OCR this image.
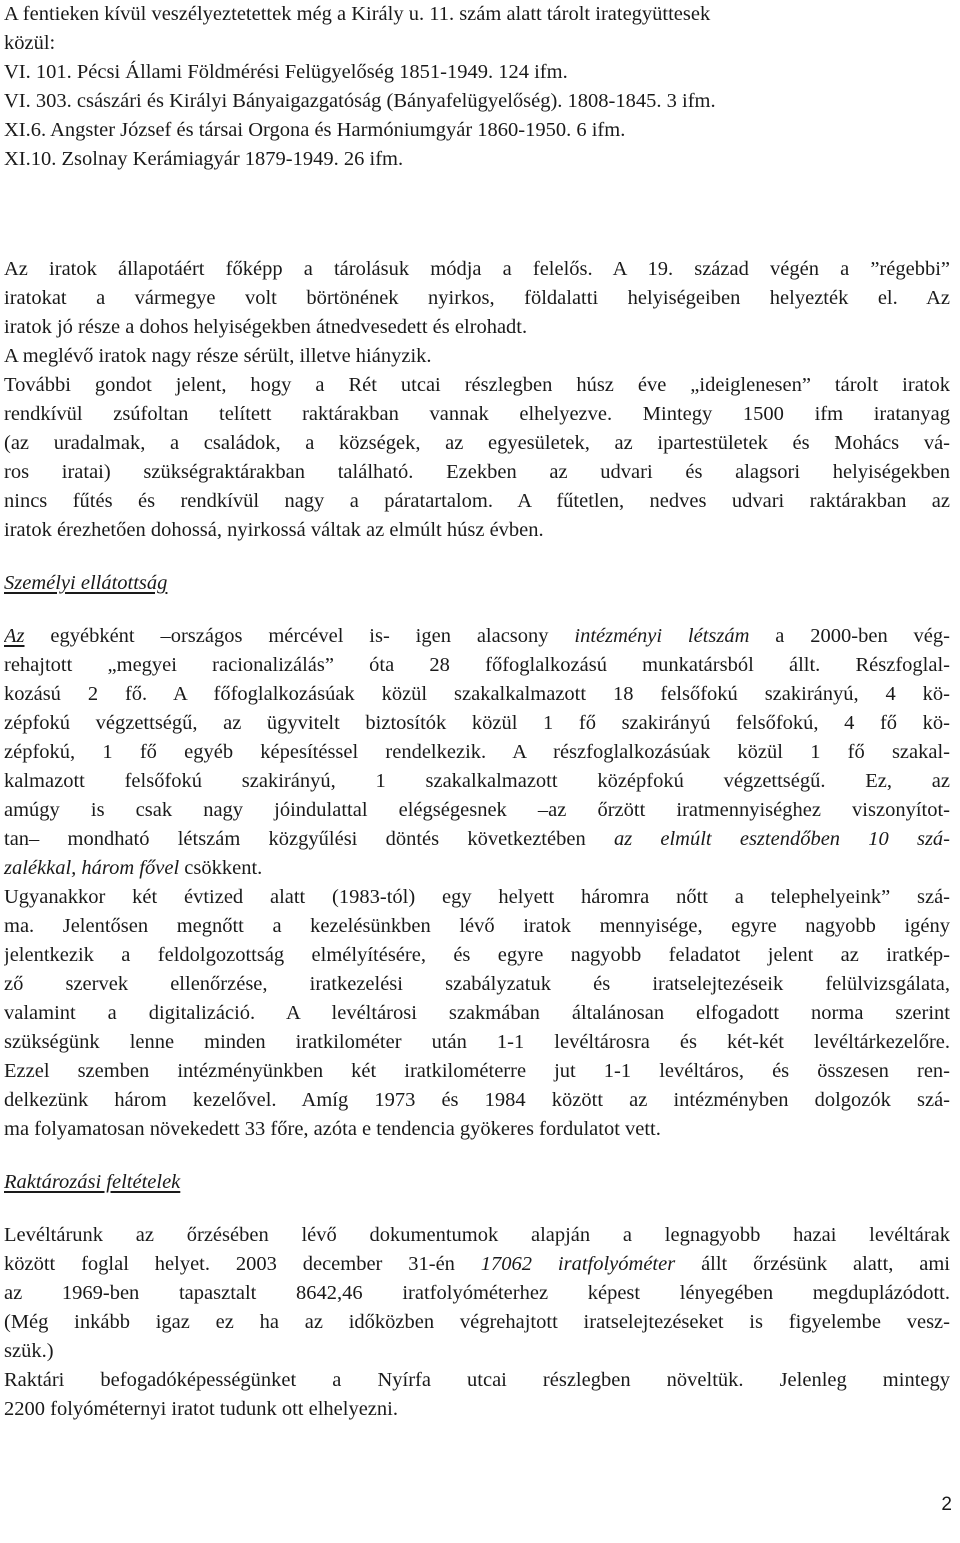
A fentieken kívül veszélyeztetettek még a Király u. 11. szám alatt tárolt irategyüttesek
közül:
VI. 101. Pécsi Állami Földmérési Felügyelőség 1851-1949. 124 ifm.
VI. 303. császári és Királyi Bányaigazgatóság (Bányafelügyelőség). 1808-1845. 3 ifm.
XI.6. Angster József és társai Orgona és Harmóniumgyár 1860-1950. 6 ifm.
XI.10. Zsolnay Kerámiagyár 1879-1949. 26 ifm.
Az iratok állapotáért főképp a tárolásuk módja a felelős. A 19. század végén a ”régebbi”
iratokat a vármegye volt börtönének nyirkos, földalatti helyiségeiben helyezték el. Az
iratok jó része a dohos helyiségekben átnedvesedett és elrohadt.
A meglévő iratok nagy része sérült, illetve hiányzik.
További gondot jelent, hogy a Rét utcai részlegben húsz éve „ideiglenesen” tárolt iratok
rendkívül zsúfoltan telített raktárakban vannak elhelyezve. Mintegy 1500 ifm iratanyag
(az uradalmak, a családok, a községek, az egyesületek, az ipartestületek és Mohács vá-
ros iratai) szükségraktárakban található. Ezekben az udvari és alagsori helyiségekben
nincs fűtés és rendkívül nagy a páratartalom. A fűtetlen, nedves udvari raktárakban az
iratok érezhetően dohossá, nyirkossá váltak az elmúlt húsz évben.
Személyi ellátottság
Az egyébként –országos mércével is- igen alacsony intézményi létszám a 2000-ben vég-
rehajtott „megyei racionalizálás” óta 28 főfoglalkozású munkatársból állt. Részfoglal-
kozású 2 fő. A főfoglalkozásúak közül szakalkalmazott 18 felsőfokú szakirányú, 4 kö-
zépfokú végzettségű, az ügyvitelt biztosítók közül 1 fő szakirányú felsőfokú, 4 fő kö-
zépfokú, 1 fő egyéb képesítéssel rendelkezik. A részfoglalkozásúak közül 1 fő szakal-
kalmazott felsőfokú szakirányú, 1 szakalkalmazott középfokú végzettségű. Ez, az
amúgy is csak nagy jóindulattal elégségesnek –az őrzött iratmennyiséghez viszonyítot-
tan– mondható létszám közgyűlési döntés következtében az elmúlt esztendőben 10 szá-
zalékkal, három fővel csökkent.
Ugyanakkor két évtized alatt (1983-tól) egy helyett háromra nőtt a telephelyeink” szá-
ma. Jelentősen megnőtt a kezelésünkben lévő iratok mennyisége, egyre nagyobb igény
jelentkezik a feldolgozottság elmélyítésére, és egyre nagyobb feladatot jelent az iratkép-
ző szervek ellenőrzése, iratkezelési szabályzatuk és iratselejtezéseik felülvizsgálata,
valamint a digitalizáció. A levéltárosi szakmában általánosan elfogadott norma szerint
szükségünk lenne minden iratkilométer után 1-1 levéltárosra és két-két levéltárkezelőre.
Ezzel szemben intézményünkben két iratkilométerre jut 1-1 levéltáros, és összesen ren-
delkezünk három kezelővel. Amíg 1973 és 1984 között az intézményben dolgozók szá-
ma folyamatosan növekedett 33 főre, azóta e tendencia gyökeres fordulatot vett.
Raktározási feltételek
Levéltárunk az őrzésében lévő dokumentumok alapján a legnagyobb hazai levéltárak
között foglal helyet. 2003 december 31-én 17062 iratfolyóméter állt őrzésünk alatt, ami
az 1969-ben tapasztalt 8642,46 iratfolyóméterhez képest lényegében megduplázódott.
(Még inkább igaz ez ha az időközben végrehajtott iratselejtezéseket is figyelembe vesz-
szük.)
Raktári befogadóképességünket a Nyírfa utcai részlegben növeltük. Jelenleg mintegy
2200 folyóméternyi iratot tudunk ott elhelyezni.
2
